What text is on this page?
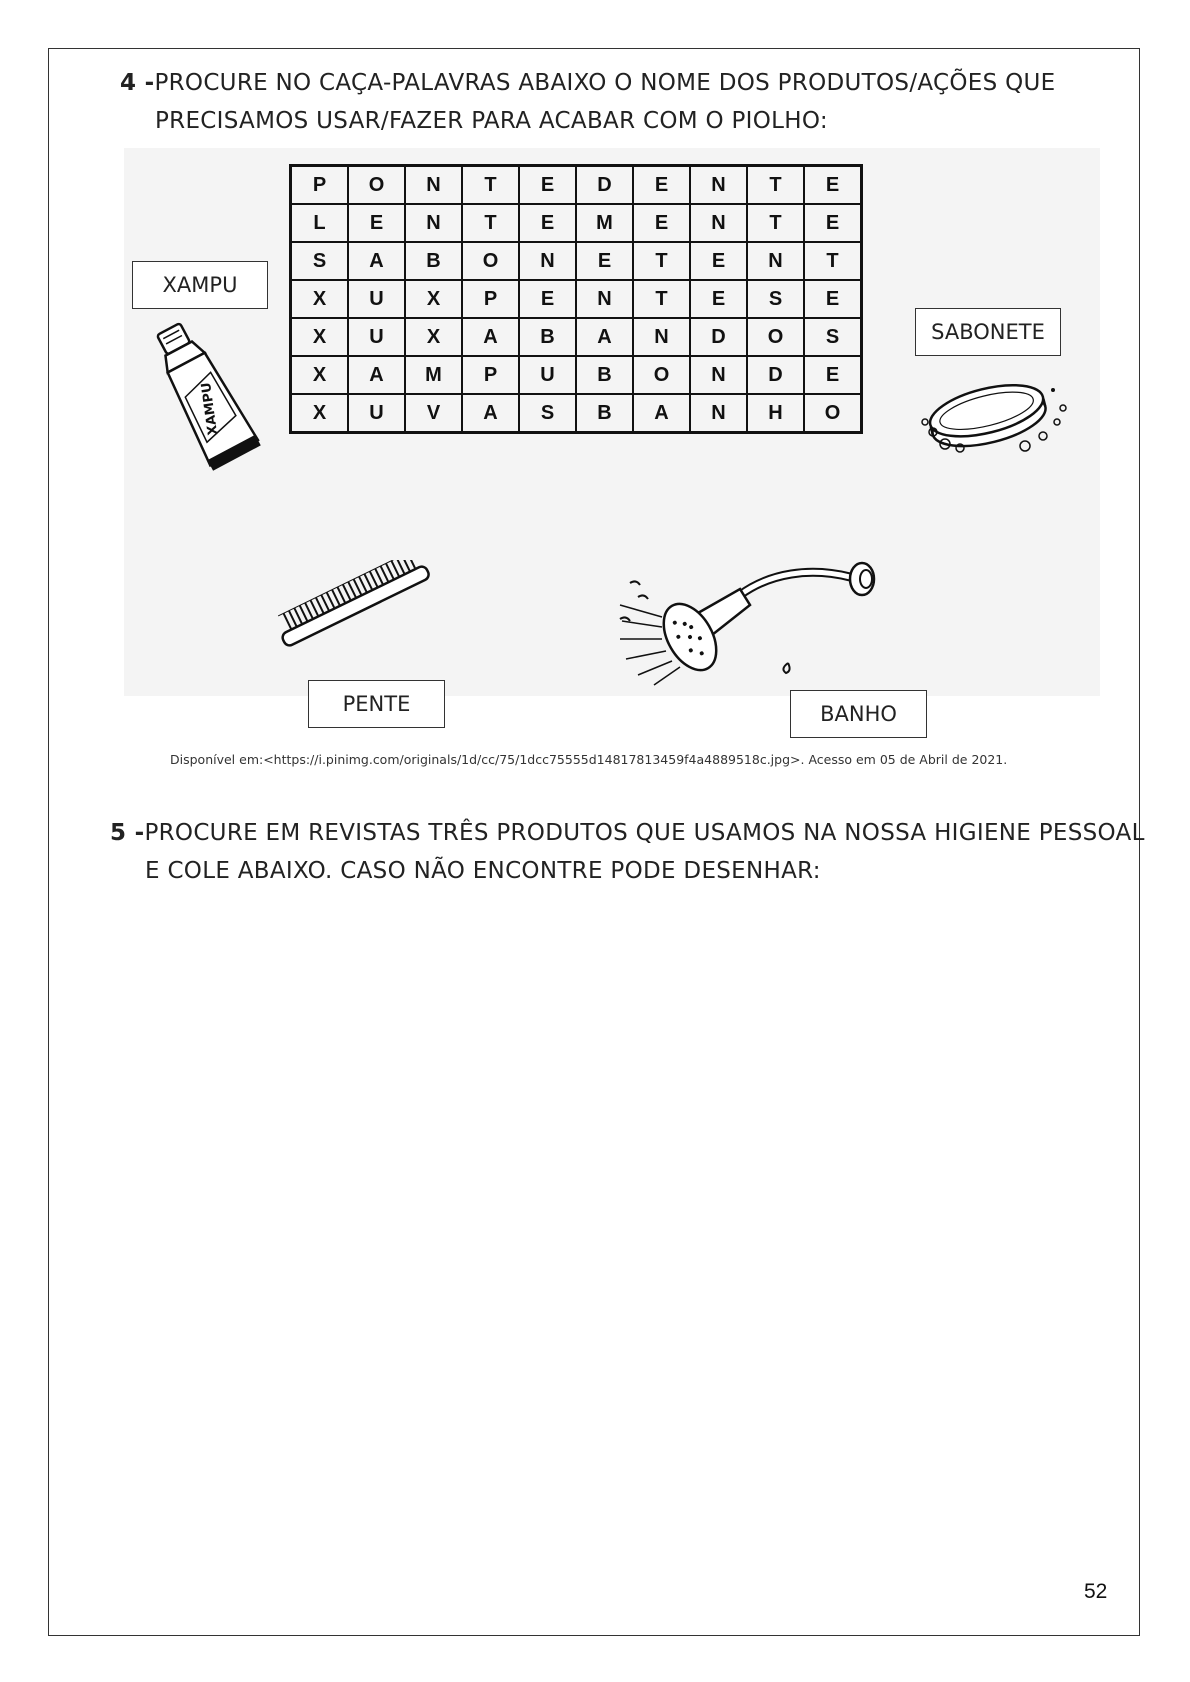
4 -PROCURE NO CAÇA-PALAVRAS ABAIXO O NOME DOS PRODUTOS/AÇÕES QUE
PRECISAMOS USAR/FAZER PARA ACABAR COM O PIOLHO:
P	O	N	T	E	D	E	N	T	E
L	E	N	T	E	M	E	N	T	E
S	A	B	O	N	E	T	E	N	T
X	U	X	P	E	N	T	E	S	E
X	U	X	A	B	A	N	D	O	S
X	A	M	P	U	B	O	N	D	E
X	U	V	A	S	B	A	N	H	O
XAMPU
SABONETE
PENTE	BANHO
XAMPU
Disponível em:<https://i.pinimg.com/originals/1d/cc/75/1dcc75555d14817813459f4a4889518c.jpg>. Acesso em 05 de Abril de 2021.
5 -PROCURE EM REVISTAS TRÊS PRODUTOS QUE USAMOS NA NOSSA HIGIENE PESSOAL
E COLE ABAIXO. CASO NÃO ENCONTRE PODE DESENHAR:
52
